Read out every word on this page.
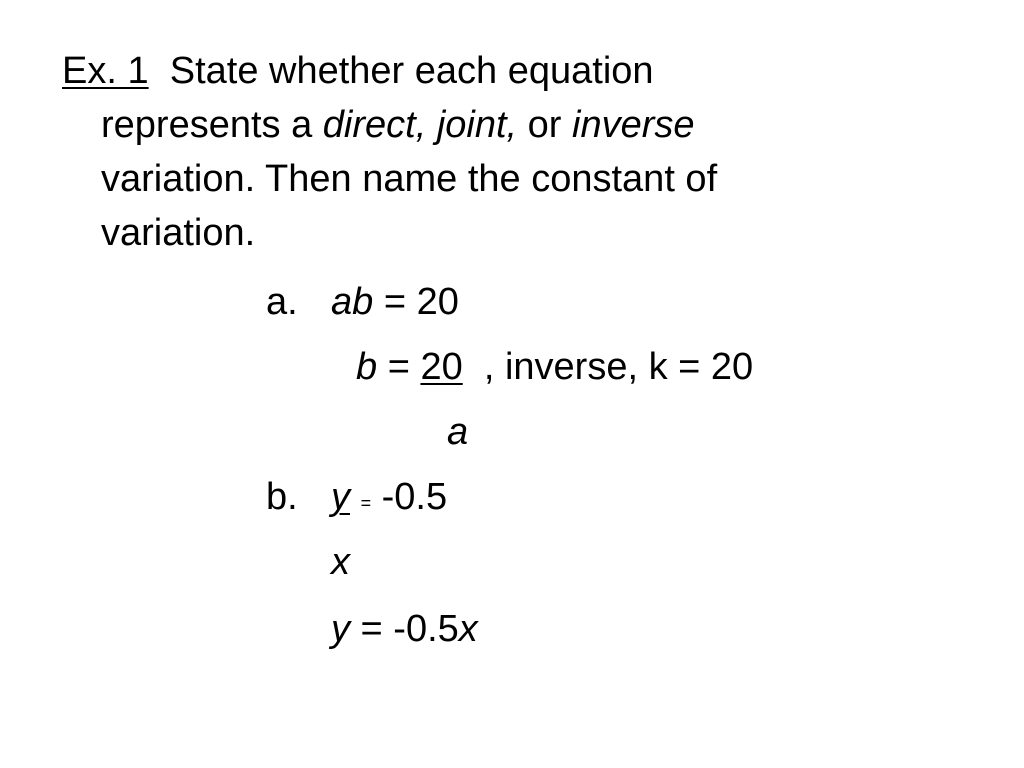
Ex. 1 State whether each equation
represents a direct, joint, or inverse
variation. Then name the constant of
variation.
a. ab = 20
b = 20 , inverse, k = 20
a
b. y = -0.5
x
y = -0.5x
